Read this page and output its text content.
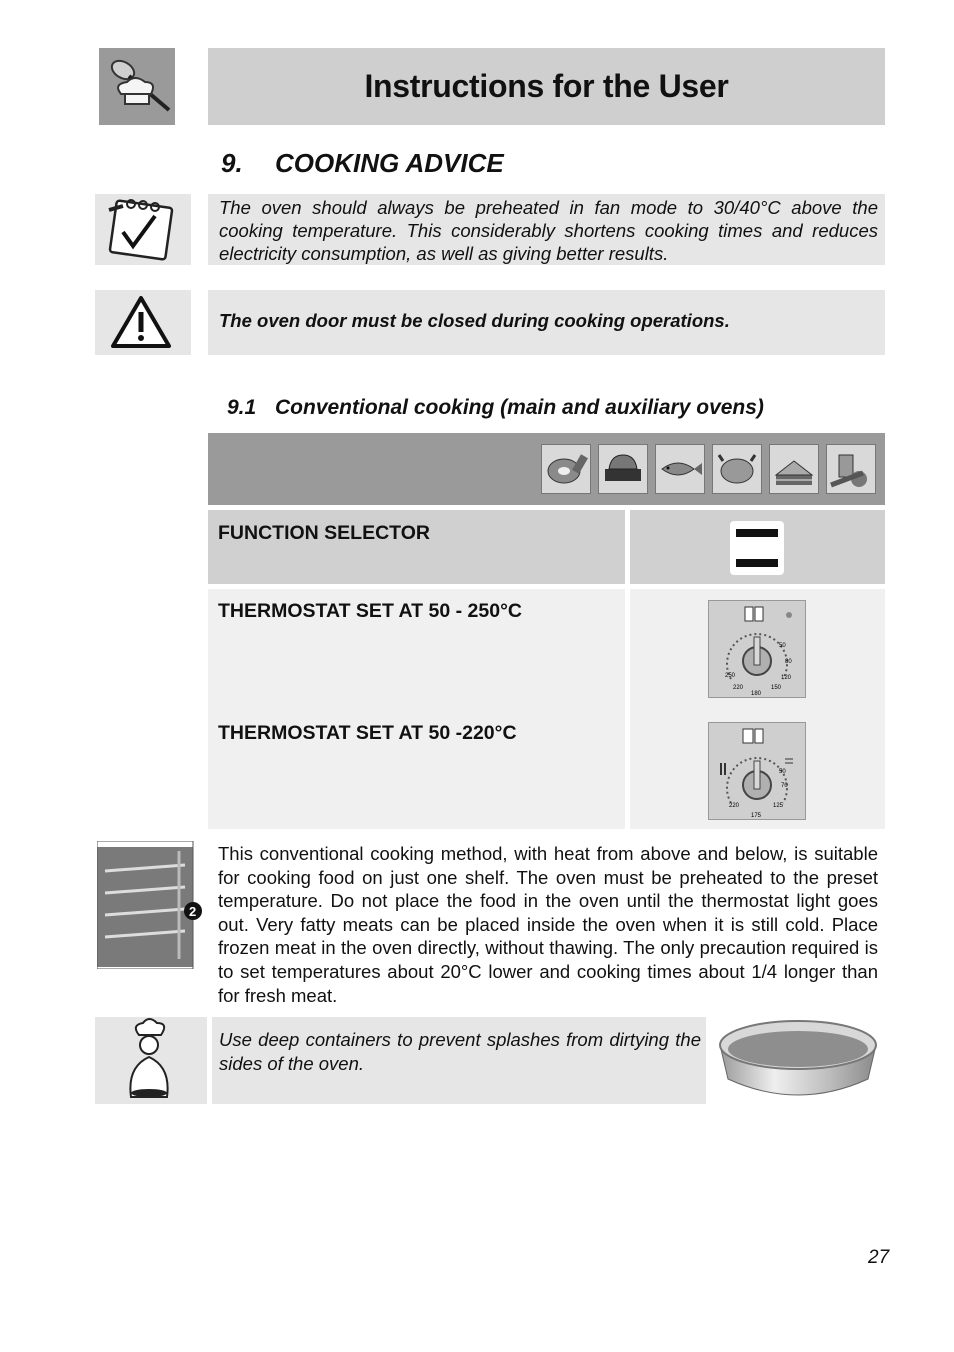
Instructions for the User
9. COOKING ADVICE
The oven should always be preheated in fan mode to 30/40°C above the cooking temperature. This considerably shortens cooking times and reduces electricity consumption, as well as giving better results.
The oven door must be closed during cooking operations.
9.1 Conventional cooking (main and auxiliary ovens)
FUNCTION SELECTOR
THERMOSTAT SET AT 50 - 250°C
THERMOSTAT SET AT 50 -220°C
50
80
120
150
180
220
250
50
70
125
175
220
2
This conventional cooking method, with heat from above and below, is suitable for cooking food on just one shelf. The oven must be preheated to the preset temperature. Do not place the food in the oven until the thermostat light goes out. Very fatty meats can be placed inside the oven when it is still cold. Place frozen meat in the oven directly, without thawing. The only precaution required is to set temperatures about 20°C lower and cooking times about 1/4 longer than for fresh meat.
Use deep containers to prevent splashes from dirtying the sides of the oven.
27
